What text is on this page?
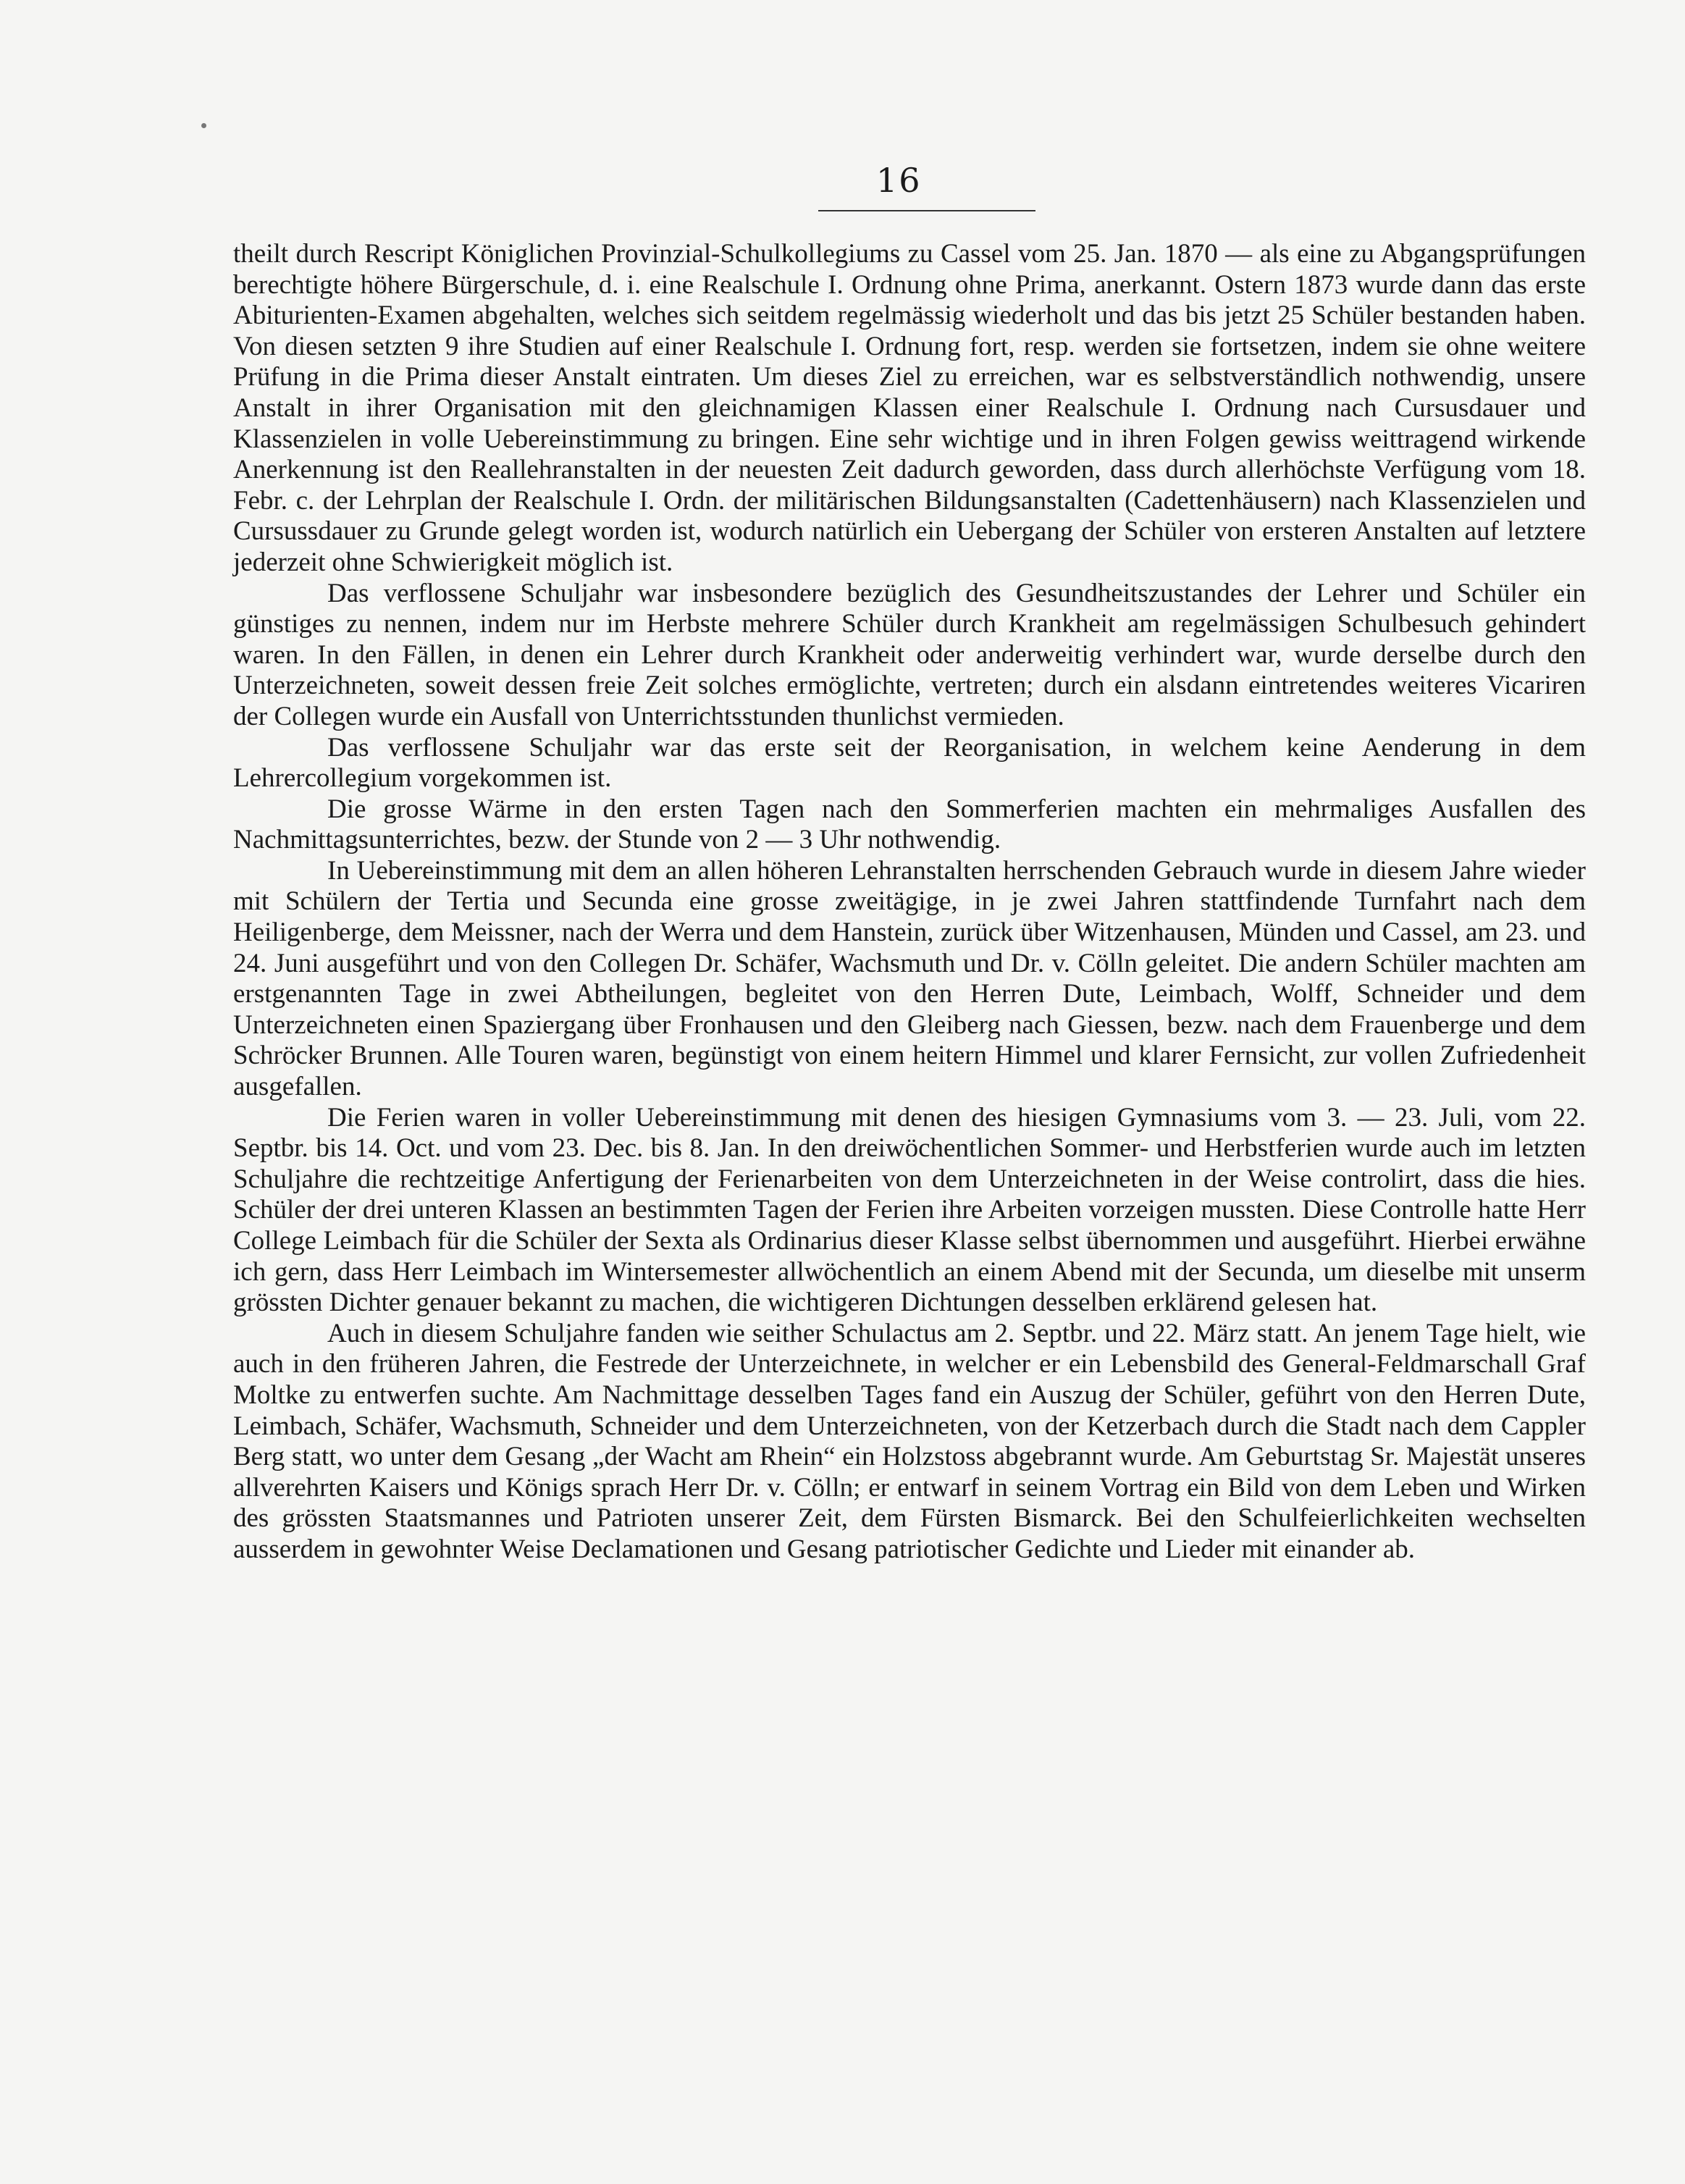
16

theilt durch Rescript Königlichen Provinzial-Schulkollegiums zu Cassel vom 25. Jan. 1870 — als eine zu Abgangsprüfungen berechtigte höhere Bürgerschule, d. i. eine Realschule I. Ordnung ohne Prima, anerkannt. Ostern 1873 wurde dann das erste Abiturienten-Examen abgehalten, welches sich seitdem regelmässig wiederholt und das bis jetzt 25 Schüler bestanden haben. Von diesen setzten 9 ihre Studien auf einer Realschule I. Ordnung fort, resp. werden sie fortsetzen, indem sie ohne weitere Prüfung in die Prima dieser Anstalt eintraten. Um dieses Ziel zu erreichen, war es selbstverständlich nothwendig, unsere Anstalt in ihrer Organisation mit den gleichnamigen Klassen einer Realschule I. Ordnung nach Cursusdauer und Klassenzielen in volle Uebereinstimmung zu bringen. Eine sehr wichtige und in ihren Folgen gewiss weittragend wirkende Anerkennung ist den Reallehranstalten in der neuesten Zeit dadurch geworden, dass durch allerhöchste Verfügung vom 18. Febr. c. der Lehrplan der Realschule I. Ordn. der militärischen Bildungsanstalten (Cadettenhäusern) nach Klassenzielen und Cursussdauer zu Grunde gelegt worden ist, wodurch natürlich ein Uebergang der Schüler von ersteren Anstalten auf letztere jederzeit ohne Schwierigkeit möglich ist.

Das verflossene Schuljahr war insbesondere bezüglich des Gesundheitszustandes der Lehrer und Schüler ein günstiges zu nennen, indem nur im Herbste mehrere Schüler durch Krankheit am regelmässigen Schulbesuch gehindert waren. In den Fällen, in denen ein Lehrer durch Krankheit oder anderweitig verhindert war, wurde derselbe durch den Unterzeichneten, soweit dessen freie Zeit solches ermöglichte, vertreten; durch ein alsdann eintretendes weiteres Vicariren der Collegen wurde ein Ausfall von Unterrichtsstunden thunlichst vermieden.

Das verflossene Schuljahr war das erste seit der Reorganisation, in welchem keine Aenderung in dem Lehrercollegium vorgekommen ist.

Die grosse Wärme in den ersten Tagen nach den Sommerferien machten ein mehrmaliges Ausfallen des Nachmittagsunterrichtes, bezw. der Stunde von 2 — 3 Uhr nothwendig.

In Uebereinstimmung mit dem an allen höheren Lehranstalten herrschenden Gebrauch wurde in diesem Jahre wieder mit Schülern der Tertia und Secunda eine grosse zweitägige, in je zwei Jahren stattfindende Turnfahrt nach dem Heiligenberge, dem Meissner, nach der Werra und dem Hanstein, zurück über Witzenhausen, Münden und Cassel, am 23. und 24. Juni ausgeführt und von den Collegen Dr. Schäfer, Wachsmuth und Dr. v. Cölln geleitet. Die andern Schüler machten am erstgenannten Tage in zwei Abtheilungen, begleitet von den Herren Dute, Leimbach, Wolff, Schneider und dem Unterzeichneten einen Spaziergang über Fronhausen und den Gleiberg nach Giessen, bezw. nach dem Frauenberge und dem Schröcker Brunnen. Alle Touren waren, begünstigt von einem heitern Himmel und klarer Fernsicht, zur vollen Zufriedenheit ausgefallen.

Die Ferien waren in voller Uebereinstimmung mit denen des hiesigen Gymnasiums vom 3. — 23. Juli, vom 22. Septbr. bis 14. Oct. und vom 23. Dec. bis 8. Jan. In den dreiwöchentlichen Sommer- und Herbstferien wurde auch im letzten Schuljahre die rechtzeitige Anfertigung der Ferienarbeiten von dem Unterzeichneten in der Weise controlirt, dass die hies. Schüler der drei unteren Klassen an bestimmten Tagen der Ferien ihre Arbeiten vorzeigen mussten. Diese Controlle hatte Herr College Leimbach für die Schüler der Sexta als Ordinarius dieser Klasse selbst übernommen und ausgeführt. Hierbei erwähne ich gern, dass Herr Leimbach im Wintersemester allwöchentlich an einem Abend mit der Secunda, um dieselbe mit unserm grössten Dichter genauer bekannt zu machen, die wichtigeren Dichtungen desselben erklärend gelesen hat.

Auch in diesem Schuljahre fanden wie seither Schulactus am 2. Septbr. und 22. März statt. An jenem Tage hielt, wie auch in den früheren Jahren, die Festrede der Unterzeichnete, in welcher er ein Lebensbild des General-Feldmarschall Graf Moltke zu entwerfen suchte. Am Nachmittage desselben Tages fand ein Auszug der Schüler, geführt von den Herren Dute, Leimbach, Schäfer, Wachsmuth, Schneider und dem Unterzeichneten, von der Ketzerbach durch die Stadt nach dem Cappler Berg statt, wo unter dem Gesang „der Wacht am Rhein“ ein Holzstoss abgebrannt wurde. Am Geburtstag Sr. Majestät unseres allverehrten Kaisers und Königs sprach Herr Dr. v. Cölln; er entwarf in seinem Vortrag ein Bild von dem Leben und Wirken des grössten Staatsmannes und Patrioten unserer Zeit, dem Fürsten Bismarck. Bei den Schulfeierlichkeiten wechselten ausserdem in gewohnter Weise Declamationen und Gesang patriotischer Gedichte und Lieder mit einander ab.
